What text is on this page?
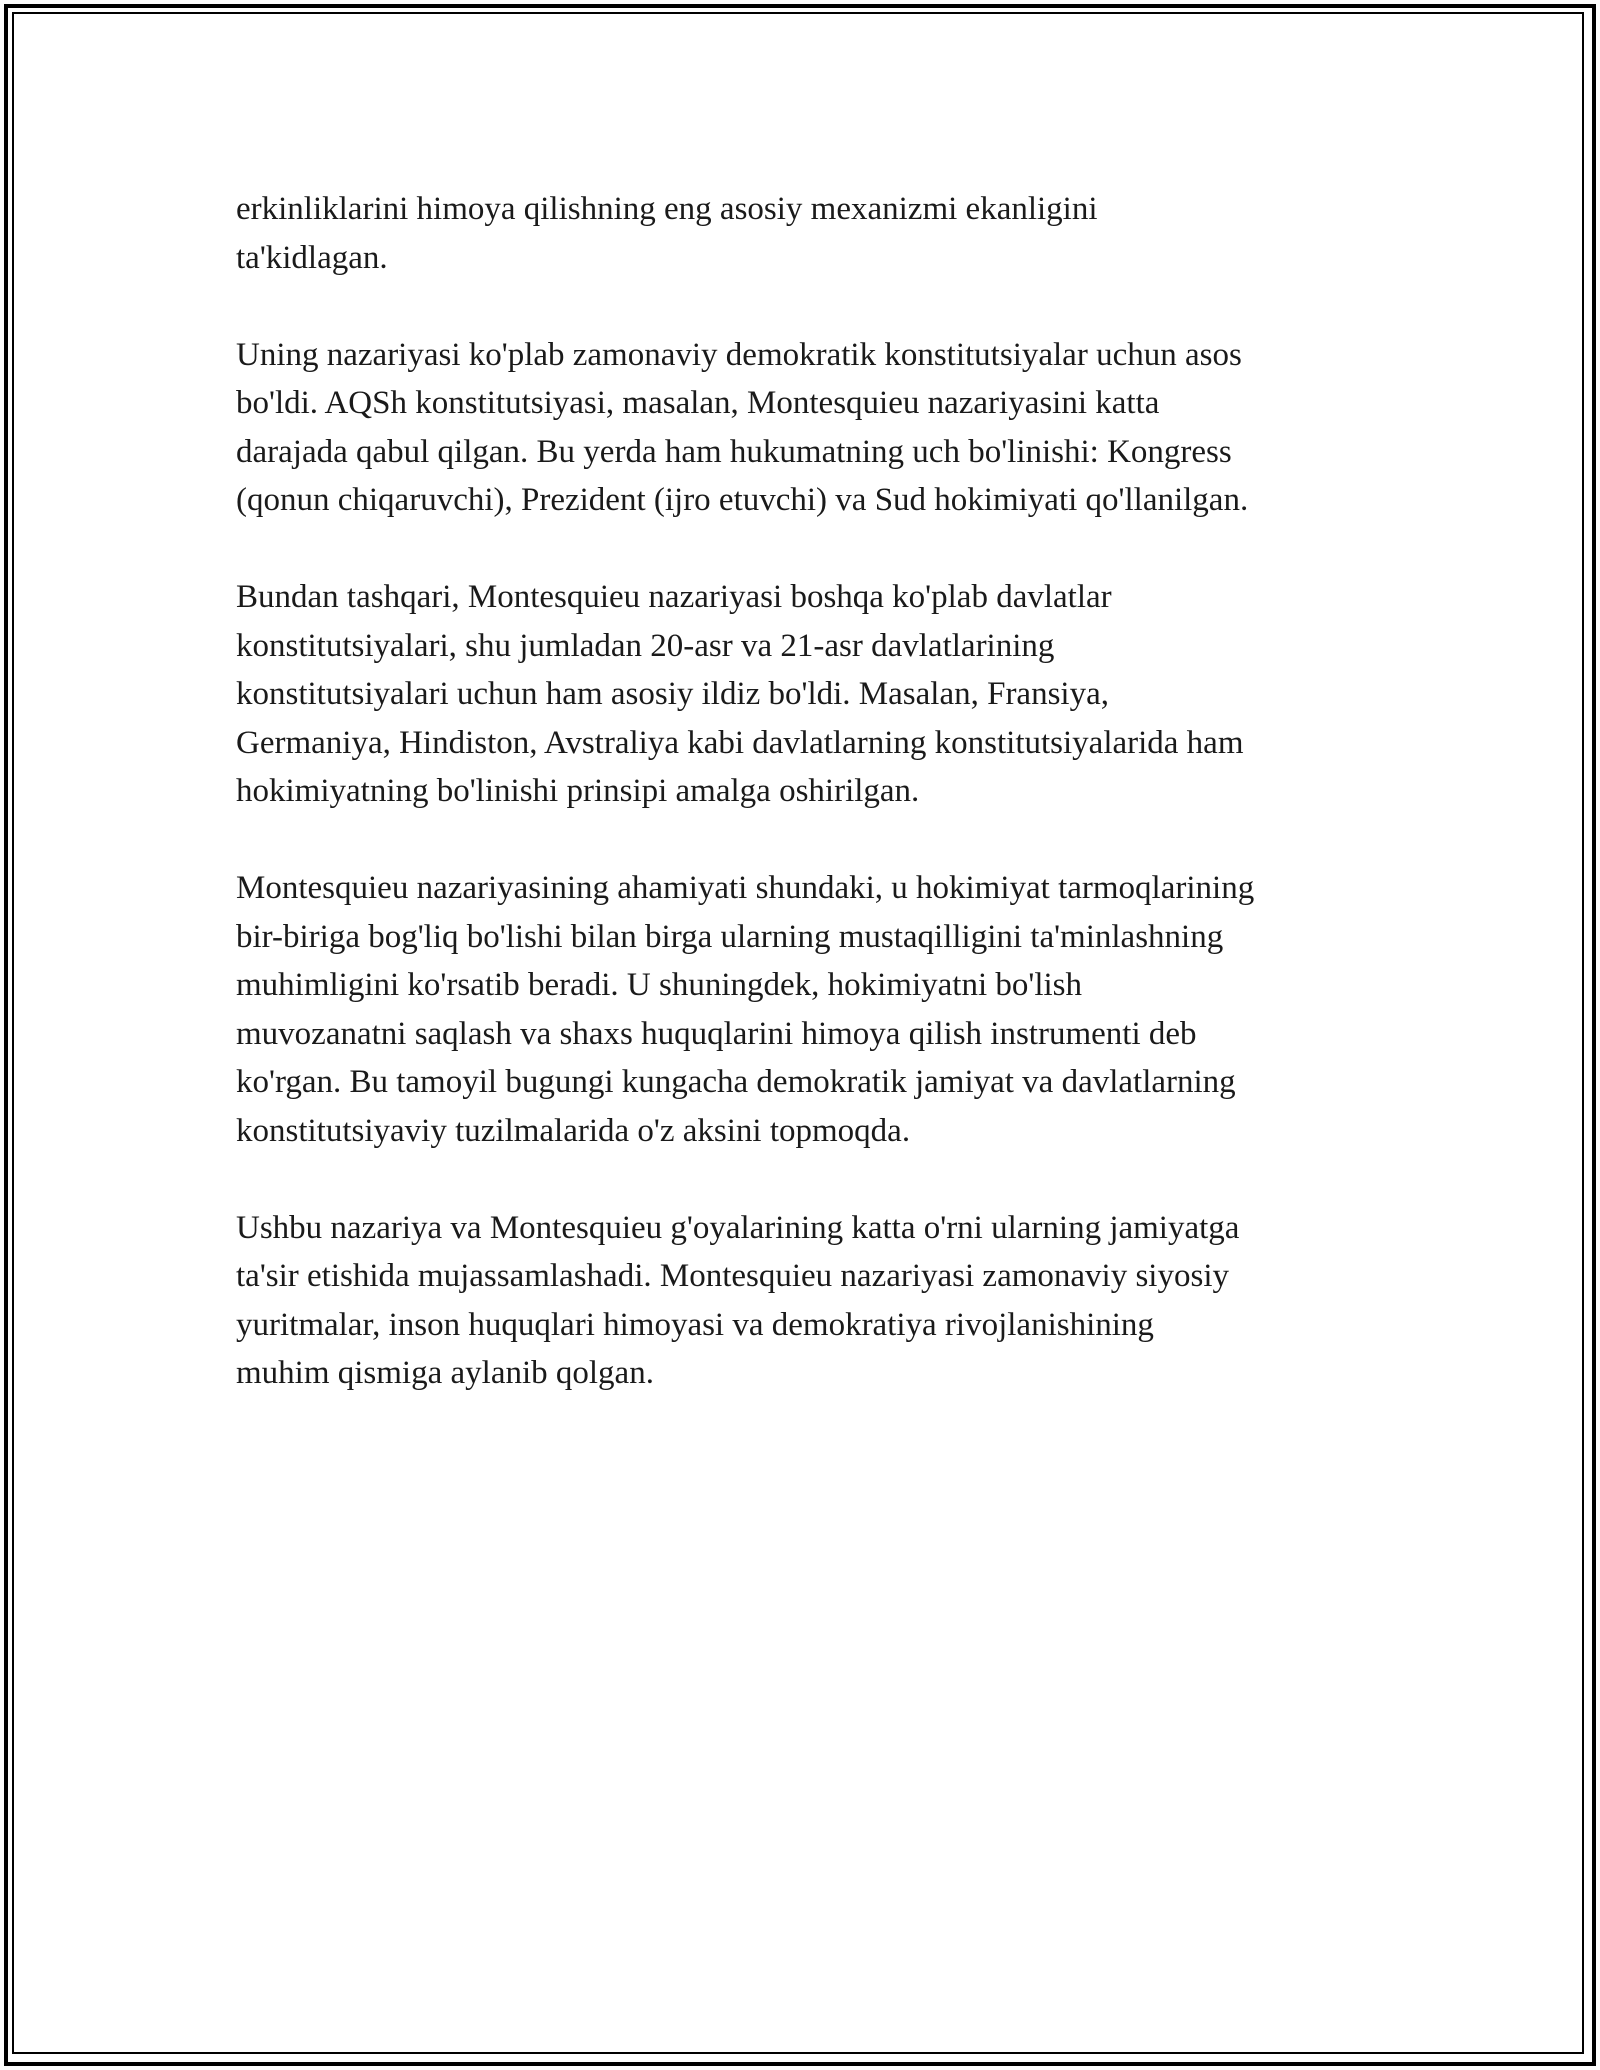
erkinliklarini himoya qilishning eng asosiy mexanizmi ekanligini
ta'kidlagan.

Uning nazariyasi ko'plab zamonaviy demokratik konstitutsiyalar uchun asos
bo'ldi. AQSh konstitutsiyasi, masalan, Montesquieu nazariyasini katta
darajada qabul qilgan. Bu yerda ham hukumatning uch bo'linishi: Kongress
(qonun chiqaruvchi), Prezident (ijro etuvchi) va Sud hokimiyati qo'llanilgan.

Bundan tashqari, Montesquieu nazariyasi boshqa ko'plab davlatlar
konstitutsiyalari, shu jumladan 20-asr va 21-asr davlatlarining
konstitutsiyalari uchun ham asosiy ildiz bo'ldi. Masalan, Fransiya,
Germaniya, Hindiston, Avstraliya kabi davlatlarning konstitutsiyalarida ham
hokimiyatning bo'linishi prinsipi amalga oshirilgan.

Montesquieu nazariyasining ahamiyati shundaki, u hokimiyat tarmoqlarining
bir-biriga bog'liq bo'lishi bilan birga ularning mustaqilligini ta'minlashning
muhimligini ko'rsatib beradi. U shuningdek, hokimiyatni bo'lish
muvozanatni saqlash va shaxs huquqlarini himoya qilish instrumenti deb
ko'rgan. Bu tamoyil bugungi kungacha demokratik jamiyat va davlatlarning
konstitutsiyaviy tuzilmalarida o'z aksini topmoqda.

Ushbu nazariya va Montesquieu g'oyalarining katta o'rni ularning jamiyatga
ta'sir etishida mujassamlashadi. Montesquieu nazariyasi zamonaviy siyosiy
yuritmalar, inson huquqlari himoyasi va demokratiya rivojlanishining
muhim qismiga aylanib qolgan.
